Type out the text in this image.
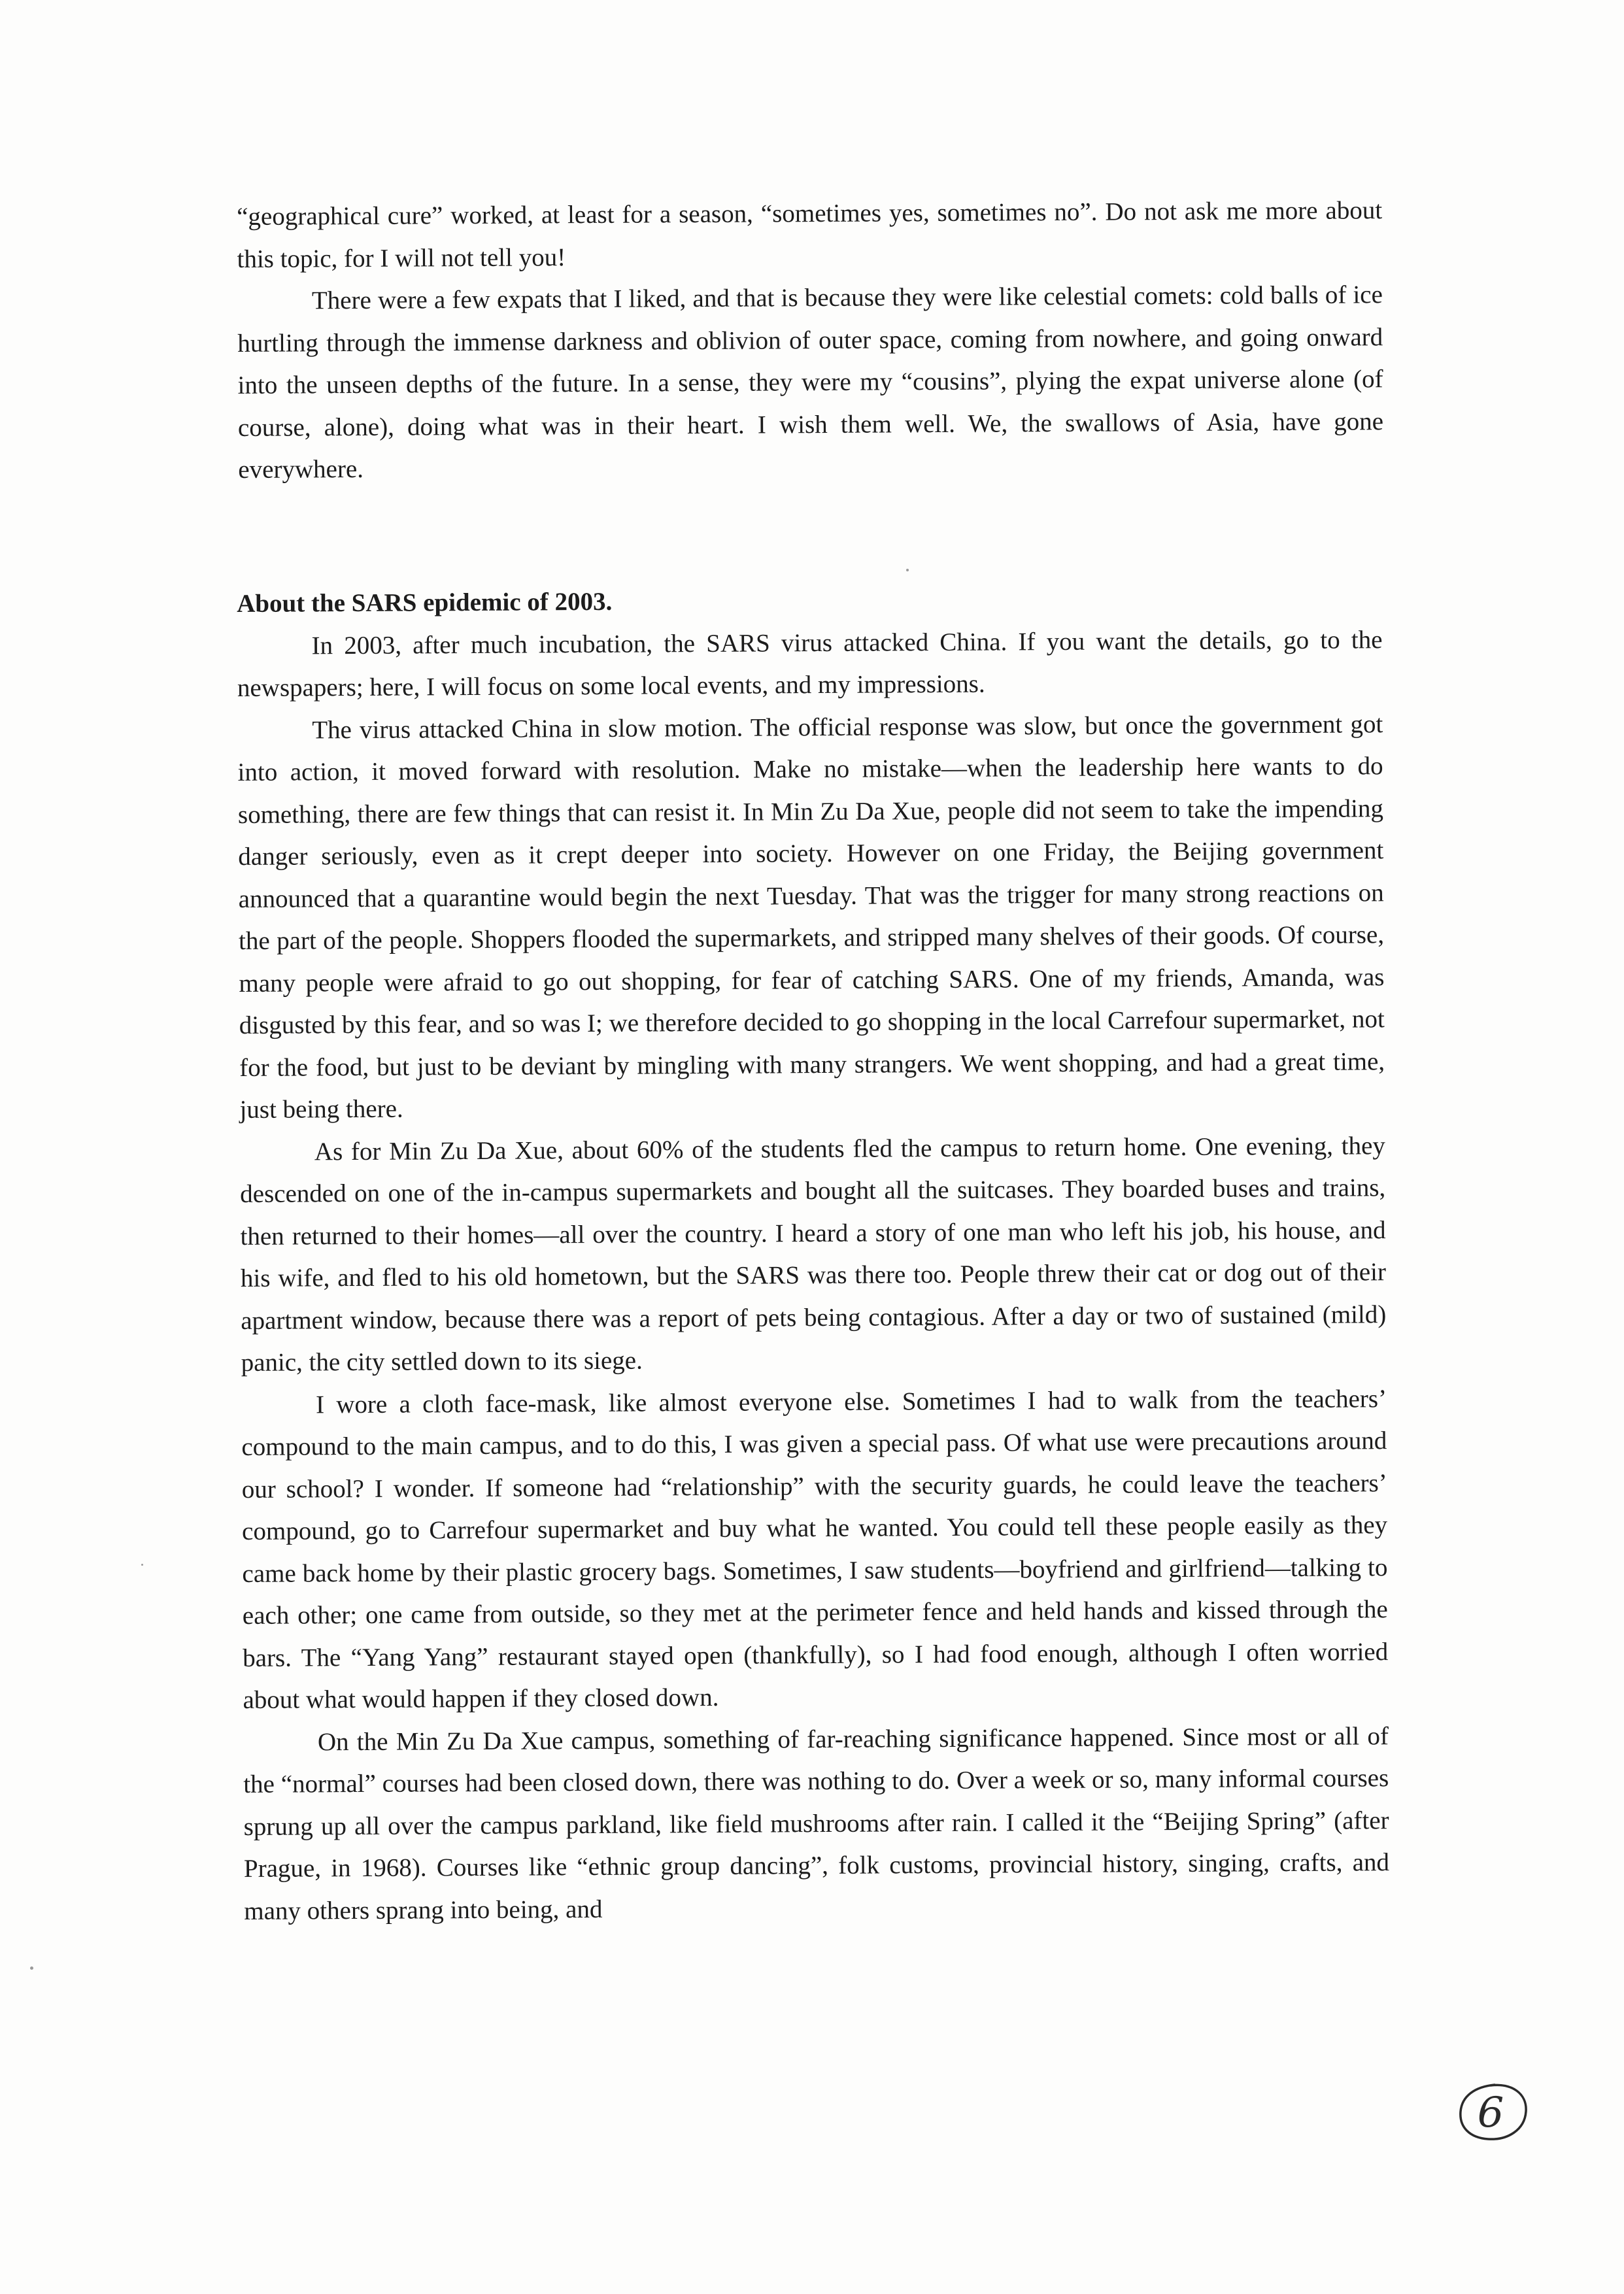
“geographical cure” worked, at least for a season, “sometimes yes, sometimes no”. Do not ask me more about this topic, for I will not tell you!

There were a few expats that I liked, and that is because they were like celestial comets: cold balls of ice hurtling through the immense darkness and oblivion of outer space, coming from nowhere, and going onward into the unseen depths of the future. In a sense, they were my “cousins”, plying the expat universe alone (of course, alone), doing what was in their heart. I wish them well. We, the swallows of Asia, have gone everywhere.

About the SARS epidemic of 2003.

In 2003, after much incubation, the SARS virus attacked China. If you want the details, go to the newspapers; here, I will focus on some local events, and my impressions.

The virus attacked China in slow motion. The official response was slow, but once the government got into action, it moved forward with resolution. Make no mistake—when the leadership here wants to do something, there are few things that can resist it. In Min Zu Da Xue, people did not seem to take the impending danger seriously, even as it crept deeper into society. However on one Friday, the Beijing government announced that a quarantine would begin the next Tuesday. That was the trigger for many strong reactions on the part of the people. Shoppers flooded the supermarkets, and stripped many shelves of their goods. Of course, many people were afraid to go out shopping, for fear of catching SARS. One of my friends, Amanda, was disgusted by this fear, and so was I; we therefore decided to go shopping in the local Carrefour supermarket, not for the food, but just to be deviant by mingling with many strangers. We went shopping, and had a great time, just being there.

As for Min Zu Da Xue, about 60% of the students fled the campus to return home. One evening, they descended on one of the in-campus supermarkets and bought all the suitcases. They boarded buses and trains, then returned to their homes—all over the country. I heard a story of one man who left his job, his house, and his wife, and fled to his old hometown, but the SARS was there too. People threw their cat or dog out of their apartment window, because there was a report of pets being contagious. After a day or two of sustained (mild) panic, the city settled down to its siege.

I wore a cloth face-mask, like almost everyone else. Sometimes I had to walk from the teachers’ compound to the main campus, and to do this, I was given a special pass. Of what use were precautions around our school? I wonder. If someone had “relationship” with the security guards, he could leave the teachers’ compound, go to Carrefour supermarket and buy what he wanted. You could tell these people easily as they came back home by their plastic grocery bags. Sometimes, I saw students—boyfriend and girlfriend—talking to each other; one came from outside, so they met at the perimeter fence and held hands and kissed through the bars. The “Yang Yang” restaurant stayed open (thankfully), so I had food enough, although I often worried about what would happen if they closed down.

On the Min Zu Da Xue campus, something of far-reaching significance happened. Since most or all of the “normal” courses had been closed down, there was nothing to do. Over a week or so, many informal courses sprung up all over the campus parkland, like field mushrooms after rain. I called it the “Beijing Spring” (after Prague, in 1968). Courses like “ethnic group dancing”, folk customs, provincial history, singing, crafts, and many others sprang into being, and

6
